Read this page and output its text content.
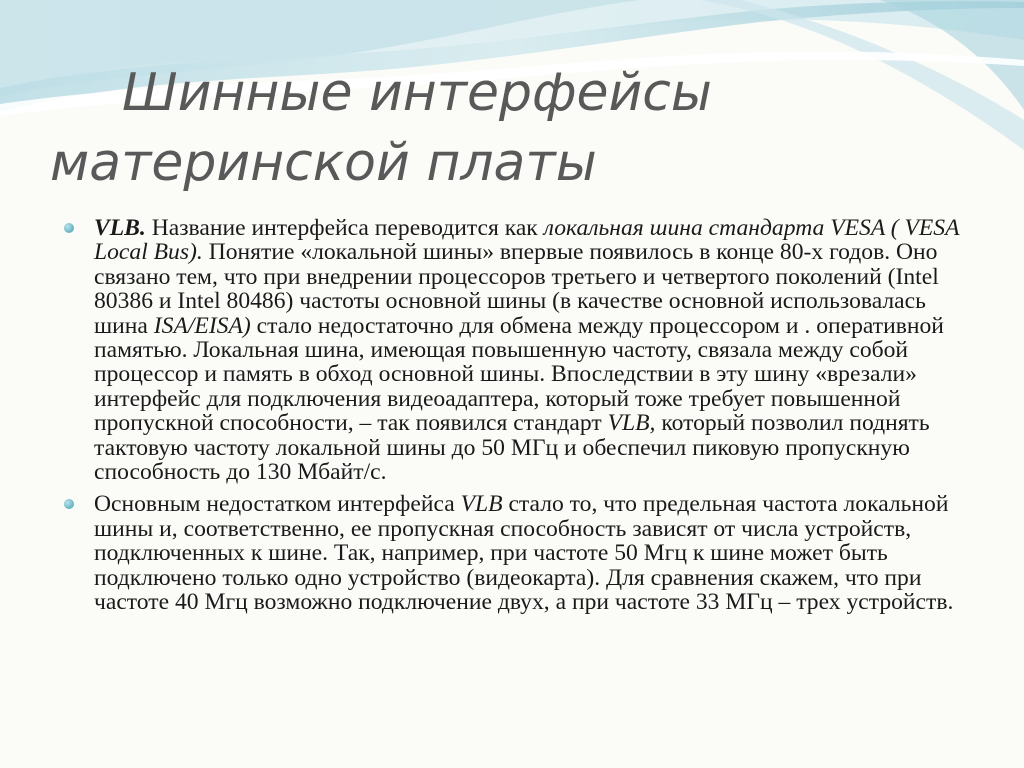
Шинные интерфейсы
материнской платы

VLB. Название интерфейса переводится как локальная шина стандарта VESA ( VESA Local Bus). Понятие «локальной шины» впервые появилось в конце 80-х годов. Оно связано тем, что при внедрении процессоров третьего и четвертого поколений (Intel 80386 и Intel 80486) частоты основной шины (в качестве основной использовалась шина ISA/EISA) стало недостаточно для обмена между процессором и . оперативной памятью. Локальная шина, имеющая повышенную частоту, связала между собой процессор и память в обход основной шины. Впоследствии в эту шину «врезали» интерфейс для подключения видеоадаптера, который тоже требует повышенной пропускной способности, – так появился стандарт VLB, который позволил поднять тактовую частоту локальной шины до 50 МГц и обеспечил пиковую пропускную способность до 130 Мбайт/с.

Основным недостатком интерфейса VLB стало то, что предельная частота локальной шины и, соответственно, ее пропускная способность зависят от числа устройств, подключенных к шине. Так, например, при частоте 50 Мгц к шине может быть подключено только одно устройство (видеокарта). Для сравнения скажем, что при частоте 40 Мгц возможно подключение двух, а при частоте 33 МГц – трех устройств.
